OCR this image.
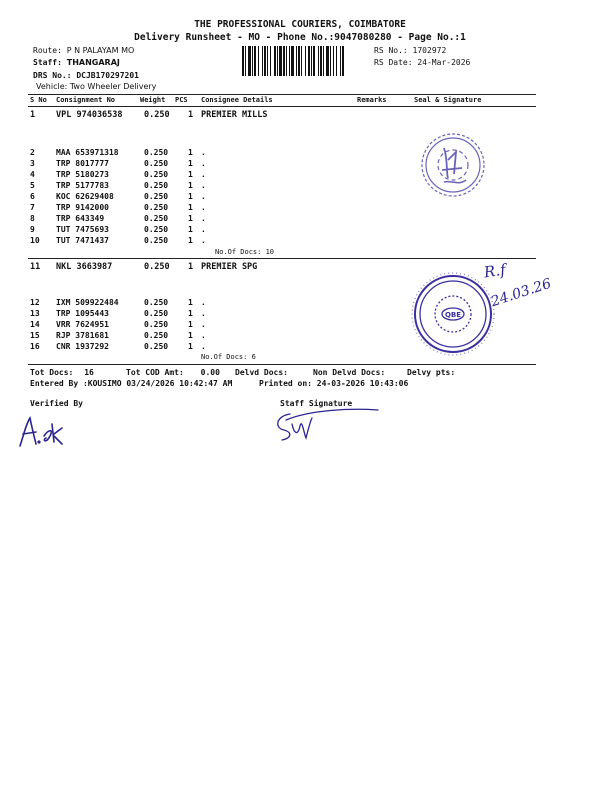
THE PROFESSIONAL COURIERS, COIMBATORE
Delivery Runsheet - MO - Phone No.:9047080280 - Page No.:1
Route: P N PALAYAM MO
Staff: THANGARAJ
DRS No.: DCJB170297201
Vehicle: Two Wheeler Delivery
RS No.: 1702972
RS Date: 24-Mar-2026
S No Consignment No	Weight PCS Consignee Details	Remarks	Seal & Signature
1 VPL 974036538	0.250 1 PREMIER MILLS
2	MAA 653971318	0.250 1 .
3	TRP 8017777	0.250 1 .
4	TRP 5180273	0.250 1 .
5	TRP 5177783	0.250 1 .
6	KOC 62629408	0.250 1 .
7	TRP 9142000	0.250 1 .
8	TRP 643349	0.250 1 .
9	TUT 7475693	0.250 1 .
10 TUT 7471437	0.250 1 .
No.Of Docs: 10
11 NKL 3663987	0.250 1 PREMIER SPG
12 IXM 509922484	0.250 1 .
13 TRP 1095443	0.250 1 .
14 VRR 7624951	0.250 1 .
15 RJP 3781681	0.250 1 .
16 CNR 1937292	0.250 1 .
No.Of Docs: 6
Tot Docs: 16	Tot COD Amt: 0.00 Delvd Docs:	Non Delvd Docs:	Delvy pts:
Entered By :KOUSIMO 03/24/2026 10:42:47 AM	Printed on: 24-03-2026 10:43:06
Verified By	Staff Signature
QBE
R.f
24.03.26
